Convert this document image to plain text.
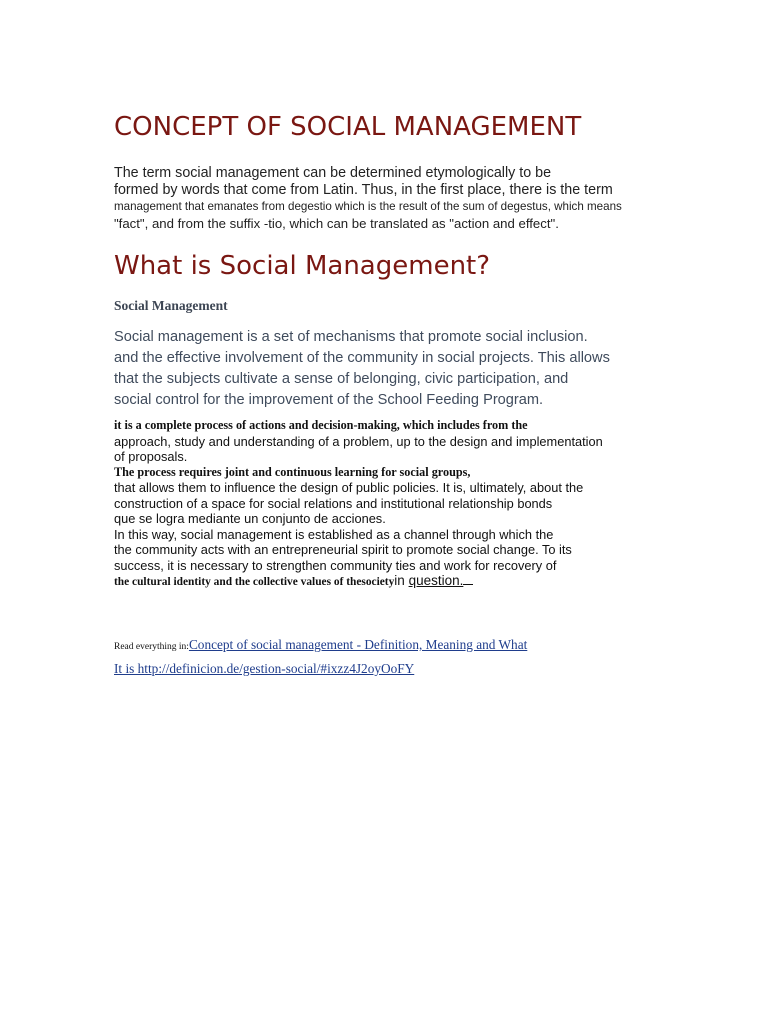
CONCEPT OF SOCIAL MANAGEMENT
The term social management can be determined etymologically to be
formed by words that come from Latin. Thus, in the first place, there is the term
management that emanates from degestio which is the result of the sum of degestus, which means
"fact", and from the suffix -tio, which can be translated as "action and effect".
What is Social Management?
Social Management
Social management is a set of mechanisms that promote social inclusion.
and the effective involvement of the community in social projects. This allows
that the subjects cultivate a sense of belonging, civic participation, and
social control for the improvement of the School Feeding Program.
it is a complete process of actions and decision-making, which includes from the
approach, study and understanding of a problem, up to the design and implementation
of proposals.
The process requires joint and continuous learning for social groups,
that allows them to influence the design of public policies. It is, ultimately, about the
construction of a space for social relations and institutional relationship bonds
que se logra mediante un conjunto de acciones.
In this way, social management is established as a channel through which the
the community acts with an entrepreneurial spirit to promote social change. To its
success, it is necessary to strengthen community ties and work for recovery of
the cultural identity and the collective values of thesocietyin question.
Read everything in:Concept of social management - Definition, Meaning and What
It is http://definicion.de/gestion-social/#ixzz4J2oyOoFY
